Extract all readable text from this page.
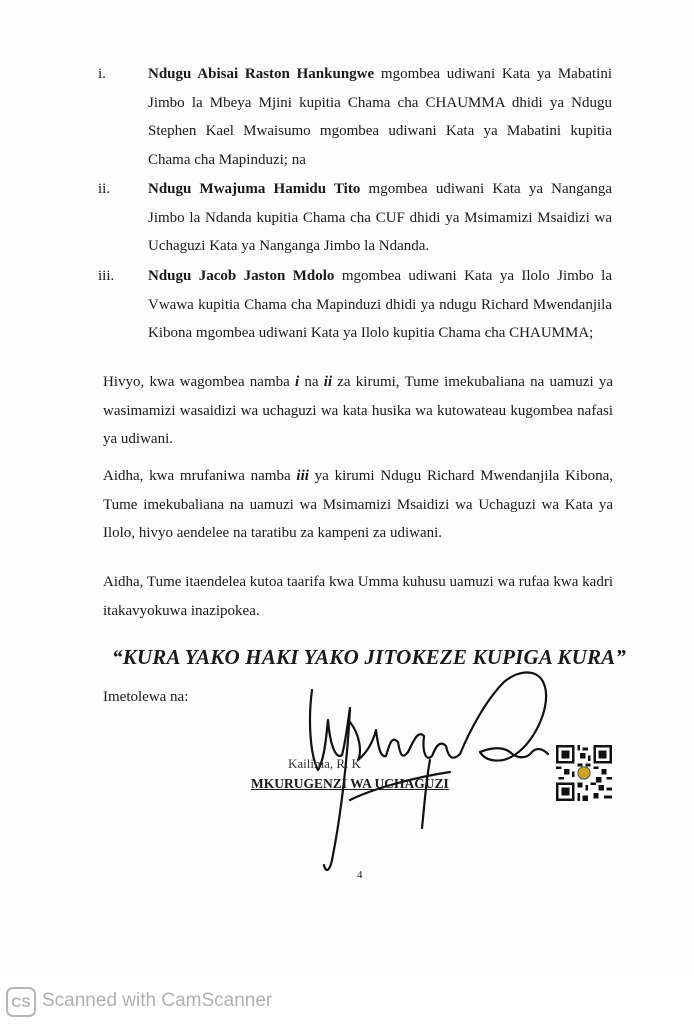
i.	Ndugu Abisai Raston Hankungwe mgombea udiwani Kata ya Mabatini Jimbo la Mbeya Mjini kupitia Chama cha CHAUMMA dhidi ya Ndugu Stephen Kael Mwaisumo mgombea udiwani Kata ya Mabatini kupitia Chama cha Mapinduzi; na
ii.	Ndugu Mwajuma Hamidu Tito mgombea udiwani Kata ya Nanganga Jimbo la Ndanda kupitia Chama cha CUF dhidi ya Msimamizi Msaidizi wa Uchaguzi Kata ya Nanganga Jimbo la Ndanda.
iii. Ndugu Jacob Jaston Mdolo mgombea udiwani Kata ya Ilolo Jimbo la Vwawa kupitia Chama cha Mapinduzi dhidi ya ndugu Richard Mwendanjila Kibona mgombea udiwani Kata ya Ilolo kupitia Chama cha CHAUMMA;
Hivyo, kwa wagombea namba i na ii za kirumi, Tume imekubaliana na uamuzi ya wasimamizi wasaidizi wa uchaguzi wa kata husika wa kutowateau kugombea nafasi ya udiwani.
Aidha, kwa mrufaniwa namba iii ya kirumi Ndugu Richard Mwendanjila Kibona, Tume imekubaliana na uamuzi wa Msimamizi Msaidizi wa Uchaguzi wa Kata ya Ilolo, hivyo aendelee na taratibu za kampeni za udiwani.
Aidha, Tume itaendelea kutoa taarifa kwa Umma kuhusu uamuzi wa rufaa kwa kadri itakavyokuwa inazipokea.
“KURA YAKO HAKI YAKO JITOKEZE KUPIGA KURA”
Imetolewa na:
Kailima, R. K
MKURUGENZI WA UCHAGUZI
4
CS Scanned with CamScanner
